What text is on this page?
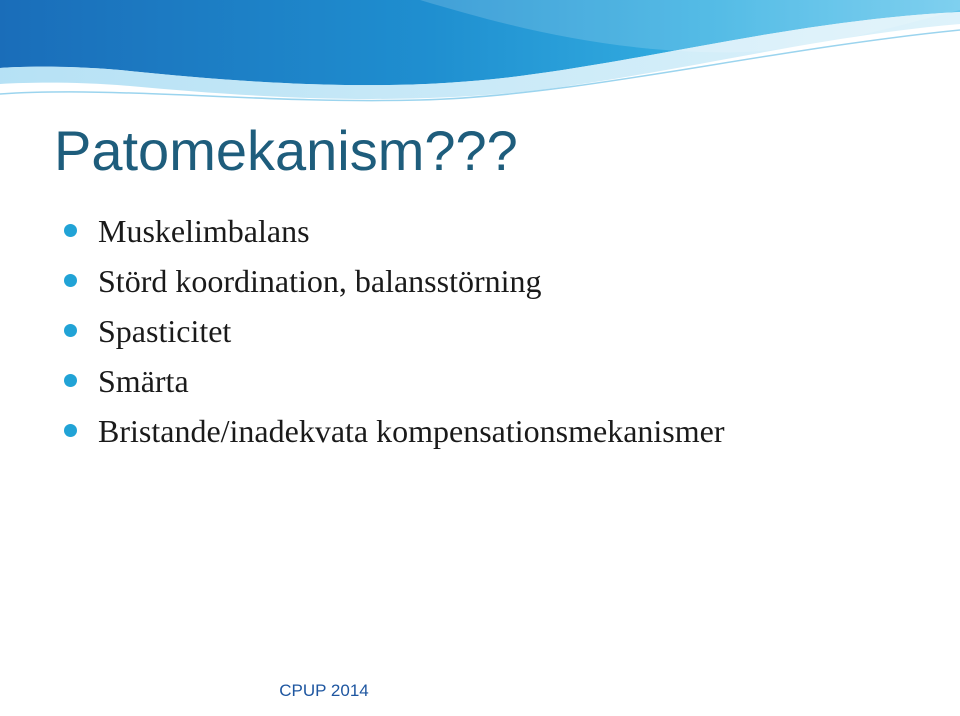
Patomekanism???
Muskelimbalans
Störd koordination, balansstörning
Spasticitet
Smärta
Bristande/inadekvata kompensationsmekanismer
CPUP 2014
